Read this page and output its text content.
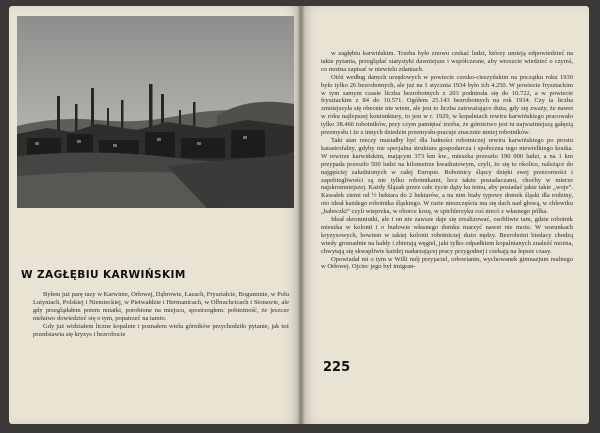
Trzyniec. Widok ogólny hut żelaznych
W ZAGŁĘBIU KARWIŃSKIM

Byłem już parę razy w Karwinie, Orłowej, Dąbrowie, Łazach, Fryształcie, Boguminie, w Polu Lutyniach, Polskiej i Niemieckiej, w Pietwałdzie i Hermanicach, w Olbrachcicach i Stonawie, ale gdy przeglądałem potem notatki, porobione na miejscu, spostrzegłem: pobieżność, że jeszcze niełatwo dowiedzieć się o tym, popatrzeć na tamto.

Gdy już widziałem liczne kopalnie i poznałem wielu górników przychodziło pytanie, jak też przedstawia się kryzys i bezrobocie

w zagłębiu karwińskim. Trzeba było znowu czekać ludzi, którzy umieją odpowiedzieć na takie pytania, przeglądać statystyki dawniejsze i współczesne, aby wreszcie wiedzieć o czymś, co można zapisać w niewielu zdaniach.

Otóż według danych urzędowych w powiecie czesko-cieszyńskim na początku roku 1930 było tylko 26 bezrobotnych, ale już na 1 stycznia 1934 było ich 4.250. W powiecie frysztackim w tym samym czasie liczba bezrobotnych z 203 podniosła się do 10.722, a w powiecie frysztackim z 84 do 10.571. Ogółem 25.143 bezrobotnych na rok 1934. Czy ta liczba zmniejszyła się obecnie nie wiem, ale jest to liczba zatrważająco duża, gdy się zważy, że nawet w roku najlepszej koniunktury, to jest w r. 1929, w kopalniach rewiru karwińskiego pracowało tylko 38.466 robotników, przy czym pamiętać trzeba, że górnictwo jest tu najważniejszą gałęzią przemysłu i że z innych dziedzin przemysłu-pracuje znacznie mniej robotników.

Taki stan rzeczy musiałby być dla ludności robotniczej rewiru karwińskiego po prostu katastrofalny, gdyby nie specjalna struktura gospodarcza i społeczna tego niewielkiego kraika. W rewirze karwińskim, mającym 373 km kw., mieszka przeszło 190 000 ludzi, a na 1 km przypada przeszło 500 ludzi na kilometrze kwadratowym, czyli, że się to okolice, należące do najgęściej zaludnionych w całej Europie. Robotnicy śląscy dzięki swej przezorności i zapobiegliwości są nie tylko robotnikami, lecz także posiadaczami, choćby w mierze najskromniejszej. Każdy Ślązak przez całe życie dąży ku temu, aby posiadać jakie takie „woje”. Kawałek ziemi od ½ hektara do 2 hektarów, a na nim biały typowy domek śląski dla rodziny, oto ideał każdego robotnika śląskiego. W razie nieszczęścia ma się dach nad głową, w chlewiku „babeczki” czyli wieprzka, w oborce kozę, w spichlerzyku coś niecó z własnego pólka.

Ideał skromniutki, ale i on nie zawsze daje się zrealizować, osobliwie tam, gdzie robotnik mieszka w kolonii i o budowie własnego domku marzyć nawet nie może. W warunkach kryzysowych, bowiem w takiej kolonii robotniczej dużo nędzy. Bezrobotni biedacy chodzą wtedy gromadnie na hałdy i zbierają węgiel, jaki tylko odpadkiem kopalnianych znaleźć można, chwytają się skwapliwie każdej nadarzającej pracy przygodnej i czekają na lepsze czasy.

Opowiadał mi o tym w Willi mój przyjaciel, orłowianin, wychowanek gimnazjum realnego w Orłowej. Ojciec jego był imigran-

225
